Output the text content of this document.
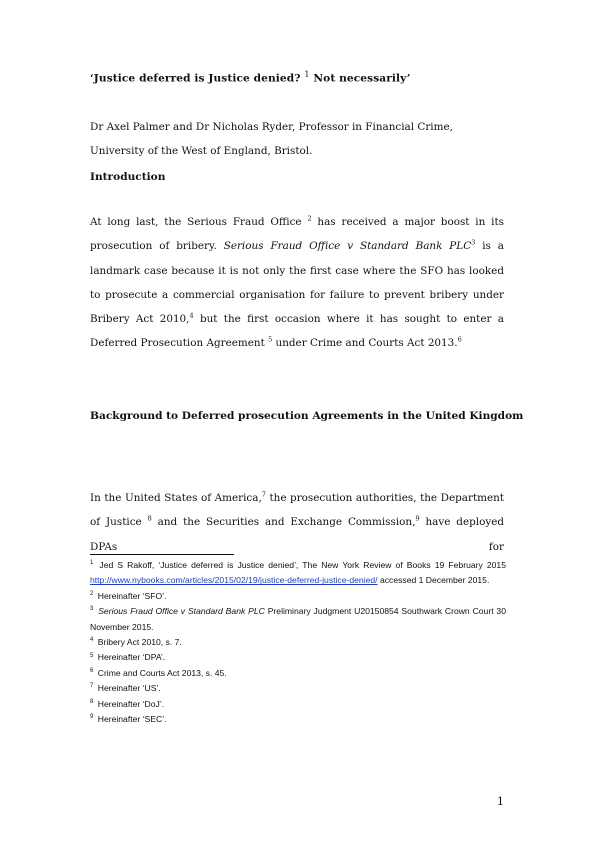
‘Justice deferred is Justice denied? $^1$ Not necessarily’
Dr Axel Palmer and Dr Nicholas Ryder, Professor in Financial Crime, University of the West of England, Bristol.
Introduction
At long last, the Serious Fraud Office $^2$ has received a major boost in its prosecution of bribery. Serious Fraud Office v Standard Bank PLC$^3$ is a landmark case because it is not only the first case where the SFO has looked to prosecute a commercial organisation for failure to prevent bribery under Bribery Act 2010,$^4$ but the first occasion where it has sought to enter a Deferred Prosecution Agreement $^5$ under Crime and Courts Act 2013.$^6$
Background to Deferred prosecution Agreements in the United Kingdom
In the United States of America,$^7$ the prosecution authorities, the Department of Justice $^8$ and the Securities and Exchange Commission,$^9$ have deployed DPAs for

$^1$ Jed S Rakoff, ‘Justice deferred is Justice denied’, The New York Review of Books 19 February 2015 http://www.nybooks.com/articles/2015/02/19/justice-deferred-justice-denied/ accessed 1 December 2015.

$^2$ Hereinafter ‘SFO’.

$^3$ Serious Fraud Office v Standard Bank PLC Preliminary Judgment U20150854 Southwark Crown Court 30 November 2015.

$^4$ Bribery Act 2010, s. 7.

$^5$ Hereinafter ‘DPA’.

$^6$ Crime and Courts Act 2013, s. 45.

$^7$ Hereinafter ‘US’.

$^8$ Hereinafter ‘DoJ’.

$^9$ Hereinafter ‘SEC’.

1
